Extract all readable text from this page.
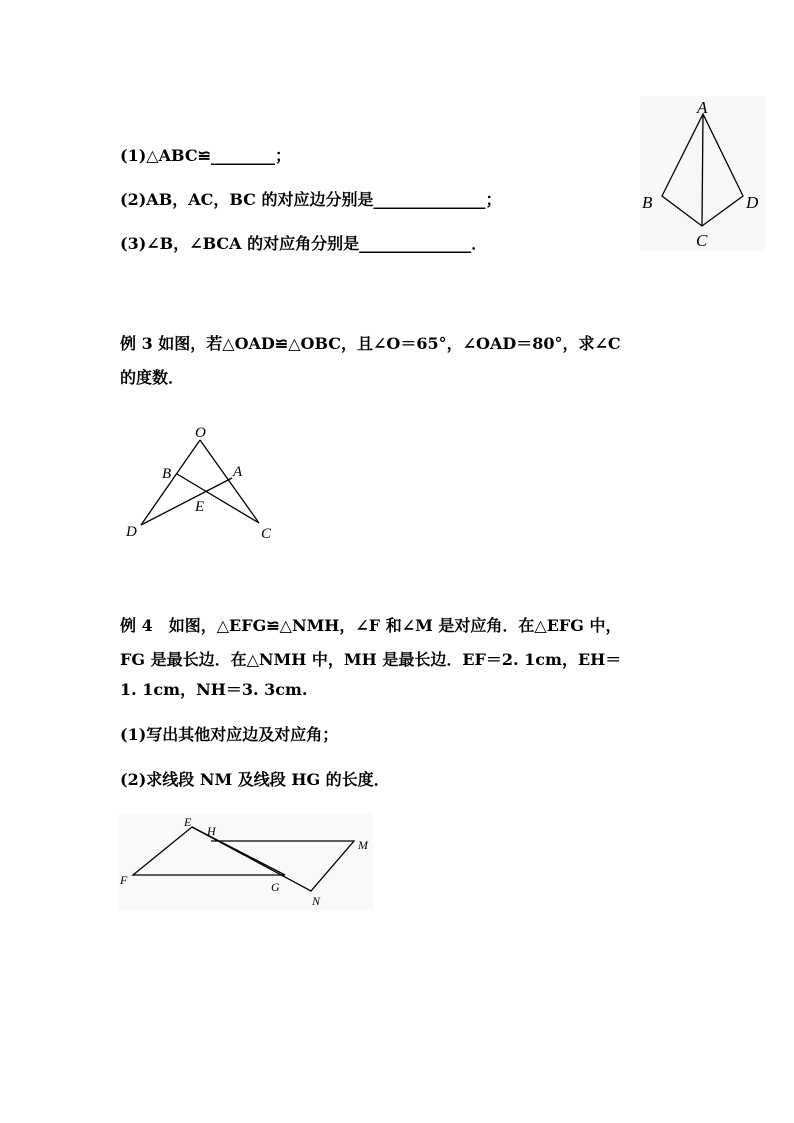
(1)△ABC≌________；
(2)AB，AC，BC 的对应边分别是______________；
(3)∠B，∠BCA 的对应角分别是______________．
A
B
C
D
例 3 如图，若△OAD≌△OBC，且∠O＝65°，∠OAD＝80°，求∠C
的度数．
O
B	A
E
D	C
例 4　如图，△EFG≌△NMH，∠F 和∠M 是对应角．在△EFG 中，
FG 是最长边．在△NMH 中，MH 是最长边．EF＝2. 1cm，EH＝
1. 1cm，NH＝3. 3cm.
(1)写出其他对应边及对应角；
(2)求线段 NM 及线段 HG 的长度．
E
H
M
F	G
N
